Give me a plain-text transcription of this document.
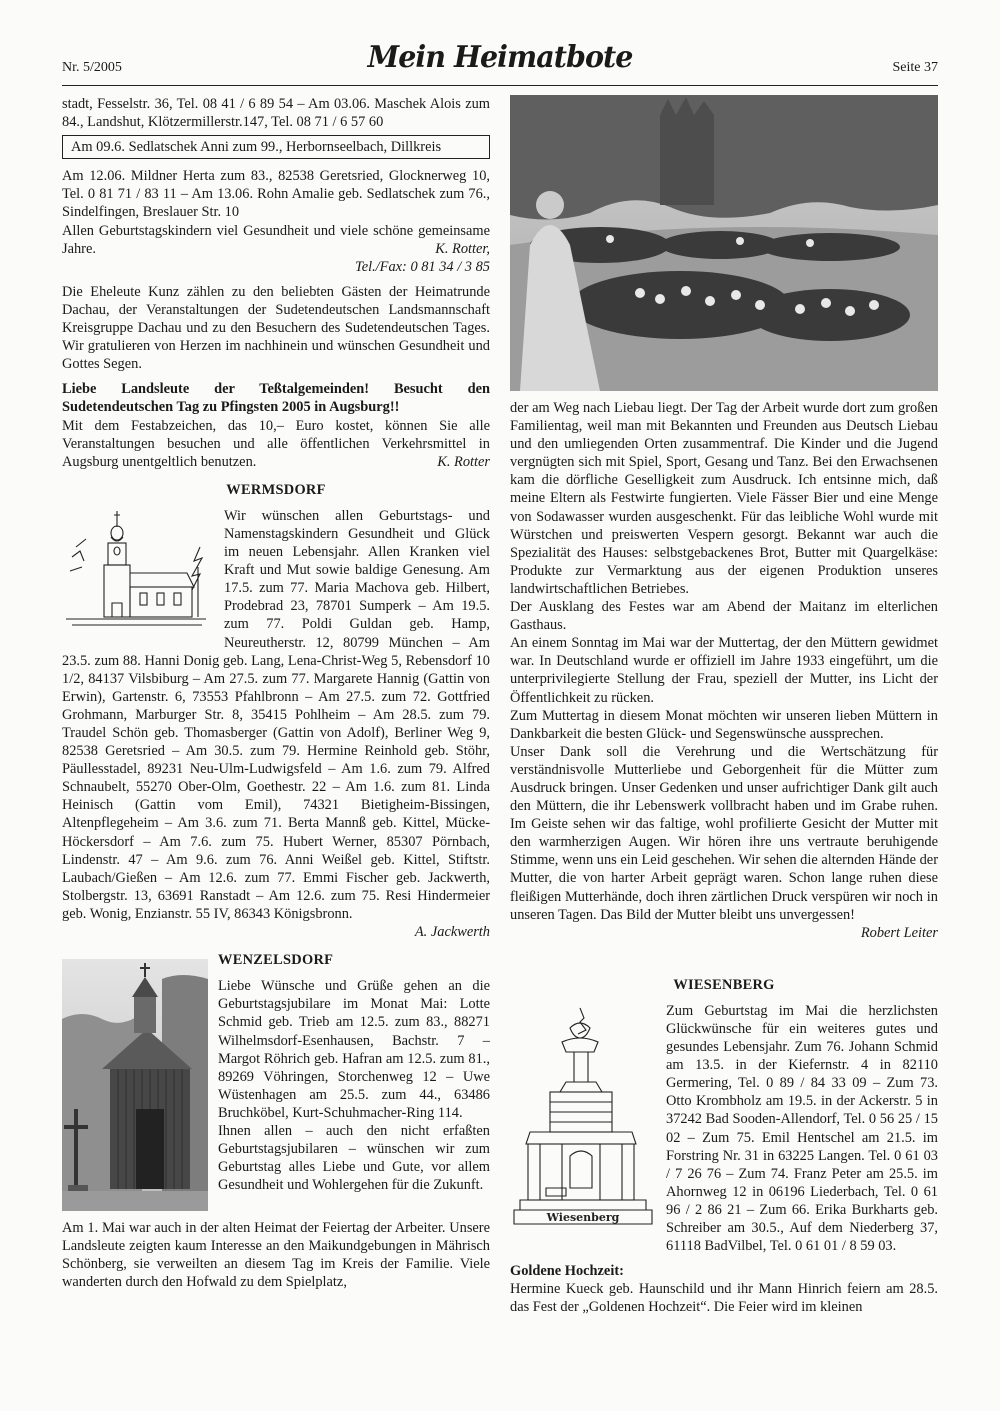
Nr. 5/2005	Mein Heimatbote	Seite 37

stadt, Fesselstr. 36, Tel. 08 41 / 6 89 54 – Am 03.06. Maschek Alois zum 84., Landshut, Klötzermillerstr.147, Tel. 08 71 / 6 57 60

Am 09.6. Sedlatschek Anni zum 99., Herbornseelbach, Dillkreis

Am 12.06. Mildner Herta zum 83., 82538 Geretsried, Glocknerweg 10, Tel. 0 81 71 / 83 11 – Am 13.06. Rohn Amalie geb. Sedlatschek zum 76., Sindelfingen, Breslauer Str. 10

Allen Geburtstagskindern viel Gesundheit und viele schöne gemeinsame Jahre.	K. Rotter,

Tel./Fax: 0 81 34 / 3 85

Die Eheleute Kunz zählen zu den beliebten Gästen der Heimatrunde Dachau, der Veranstaltungen der Sudetendeutschen Landsmannschaft Kreisgruppe Dachau und zu den Besuchern des Sudetendeutschen Tages. Wir gratulieren von Herzen im nachhinein und wünschen Gesundheit und Gottes Segen.

Liebe Landsleute der Teßtalgemeinden! Besucht den Sudetendeutschen Tag zu Pfingsten 2005 in Augsburg!!

Mit dem Festabzeichen, das 10,– Euro kostet, können Sie alle Veranstaltungen besuchen und alle öffentlichen Verkehrsmittel in Augsburg unentgeltlich benutzen.	K. Rotter

WERMSDORF

Wir wünschen allen Geburtstags- und Namenstagskindern Gesundheit und Glück im neuen Lebensjahr. Allen Kranken viel Kraft und Mut sowie baldige Genesung. Am 17.5. zum 77. Maria Machova geb. Hilbert, Prodebrad 23, 78701 Sumperk – Am 19.5. zum 77. Poldi Guldan geb. Hamp, Neureutherstr. 12, 80799 München – Am 23.5. zum 88. Hanni Donig geb. Lang, Lena-Christ-Weg 5, Rebensdorf 10 1/2, 84137 Vilsbiburg – Am 27.5. zum 77. Margarete Hannig (Gattin von Erwin), Gartenstr. 6, 73553 Pfahlbronn – Am 27.5. zum 72. Gottfried Grohmann, Marburger Str. 8, 35415 Pohlheim – Am 28.5. zum 79. Traudel Schön geb. Thomasberger (Gattin von Adolf), Berliner Weg 9, 82538 Geretsried – Am 30.5. zum 79. Hermine Reinhold geb. Stöhr, Päullesstadel, 89231 Neu-Ulm-Ludwigsfeld – Am 1.6. zum 79. Alfred Schnaubelt, 55270 Ober-Olm, Goethestr. 22 – Am 1.6. zum 81. Linda Heinisch (Gattin vom Emil), 74321 Bietigheim-Bissingen, Altenpflegeheim – Am 3.6. zum 71. Berta Mannß geb. Kittel, Mücke-Höckersdorf – Am 7.6. zum 75. Hubert Werner, 85307 Pörnbach, Lindenstr. 47 – Am 9.6. zum 76. Anni Weißel geb. Kittel, Stiftstr. Laubach/Gießen – Am 12.6. zum 77. Emmi Fischer geb. Jackwerth, Stolbergstr. 13, 63691 Ranstadt – Am 12.6. zum 75. Resi Hindermeier geb. Wonig, Enzianstr. 55 IV, 86343 Königsbronn.

A. Jackwerth
WENZELSDORF

Liebe Wünsche und Grüße gehen an die Geburtstagsjubilare im Monat Mai: Lotte Schmid geb. Trieb am 12.5. zum 83., 88271 Wilhelmsdorf-Esenhausen, Bachstr. 7 – Margot Röhrich geb. Hafran am 12.5. zum 81., 89269 Vöhringen, Storchenweg 12 – Uwe Wüstenhagen am 25.5. zum 44., 63486 Bruchköbel, Kurt-Schuhmacher-Ring 114.

Ihnen allen – auch den nicht erfaßten Geburtstagsjubilaren – wünschen wir zum Geburtstag alles Liebe und Gute, vor allem Gesundheit und Wohlergehen für die Zukunft.

Am 1. Mai war auch in der alten Heimat der Feiertag der Arbeiter. Unsere Landsleute zeigten kaum Interesse an den Maikundgebungen in Mährisch Schönberg, sie verweilten an diesem Tag im Kreis der Familie. Viele wanderten durch den Hofwald zu dem Spielplatz,

der am Weg nach Liebau liegt. Der Tag der Arbeit wurde dort zum großen Familientag, weil man mit Bekannten und Freunden aus Deutsch Liebau und den umliegenden Orten zusammentraf. Die Kinder und die Jugend vergnügten sich mit Spiel, Sport, Gesang und Tanz. Bei den Erwachsenen kam die dörfliche Geselligkeit zum Ausdruck. Ich entsinne mich, daß meine Eltern als Festwirte fungierten. Viele Fässer Bier und eine Menge von Sodawasser wurden ausgeschenkt. Für das leibliche Wohl wurde mit Würstchen und preiswerten Vespern gesorgt. Bekannt war auch die Spezialität des Hauses: selbstgebackenes Brot, Butter mit Quargelkäse: Produkte zur Vermarktung aus der eigenen Produktion unseres landwirtschaftlichen Betriebes.

Der Ausklang des Festes war am Abend der Maitanz im elterlichen Gasthaus.

An einem Sonntag im Mai war der Muttertag, der den Müttern gewidmet war. In Deutschland wurde er offiziell im Jahre 1933 eingeführt, um die unterprivilegierte Stellung der Frau, speziell der Mutter, ins Licht der Öffentlichkeit zu rücken.

Zum Muttertag in diesem Monat möchten wir unseren lieben Müttern in Dankbarkeit die besten Glück- und Segenswünsche aussprechen.

Unser Dank soll die Verehrung und die Wertschätzung für verständnisvolle Mutterliebe und Geborgenheit für die Mütter zum Ausdruck bringen. Unser Gedenken und unser aufrichtiger Dank gilt auch den Müttern, die ihr Lebenswerk vollbracht haben und im Grabe ruhen. Im Geiste sehen wir das faltige, wohl profilierte Gesicht der Mutter mit den warmherzigen Augen. Wir hören ihre uns vertraute beruhigende Stimme, wenn uns ein Leid geschehen. Wir sehen die alternden Hände der Mutter, die von harter Arbeit geprägt waren. Schon lange ruhen diese fleißigen Mutterhände, doch ihren zärtlichen Druck verspüren wir noch in unseren Tagen. Das Bild der Mutter bleibt uns unvergessen!

Robert Leiter
WIESENBERG
Wiesenberg

Zum Geburtstag im Mai die herzlichsten Glückwünsche für ein weiteres gutes und gesundes Lebensjahr. Zum 76. Johann Schmid am 13.5. in der Kiefernstr. 4 in 82110 Germering, Tel. 0 89 / 84 33 09 – Zum 73. Otto Krombholz am 19.5. in der Ackerstr. 5 in 37242 Bad Sooden-Allendorf, Tel. 0 56 25 / 15 02 – Zum 75. Emil Hentschel am 21.5. im Forstring Nr. 31 in 63225 Langen. Tel. 0 61 03 / 7 26 76 – Zum 74. Franz Peter am 25.5. im Ahornweg 12 in 06196 Liederbach, Tel. 0 61 96 / 2 86 21 – Zum 66. Erika Burkharts geb. Schreiber am 30.5., Auf dem Niederberg 37, 61118 BadVilbel, Tel. 0 61 01 / 8 59 03.

Goldene Hochzeit:

Hermine Kueck geb. Haunschild und ihr Mann Hinrich feiern am 28.5. das Fest der „Goldenen Hochzeit“. Die Feier wird im kleinen
